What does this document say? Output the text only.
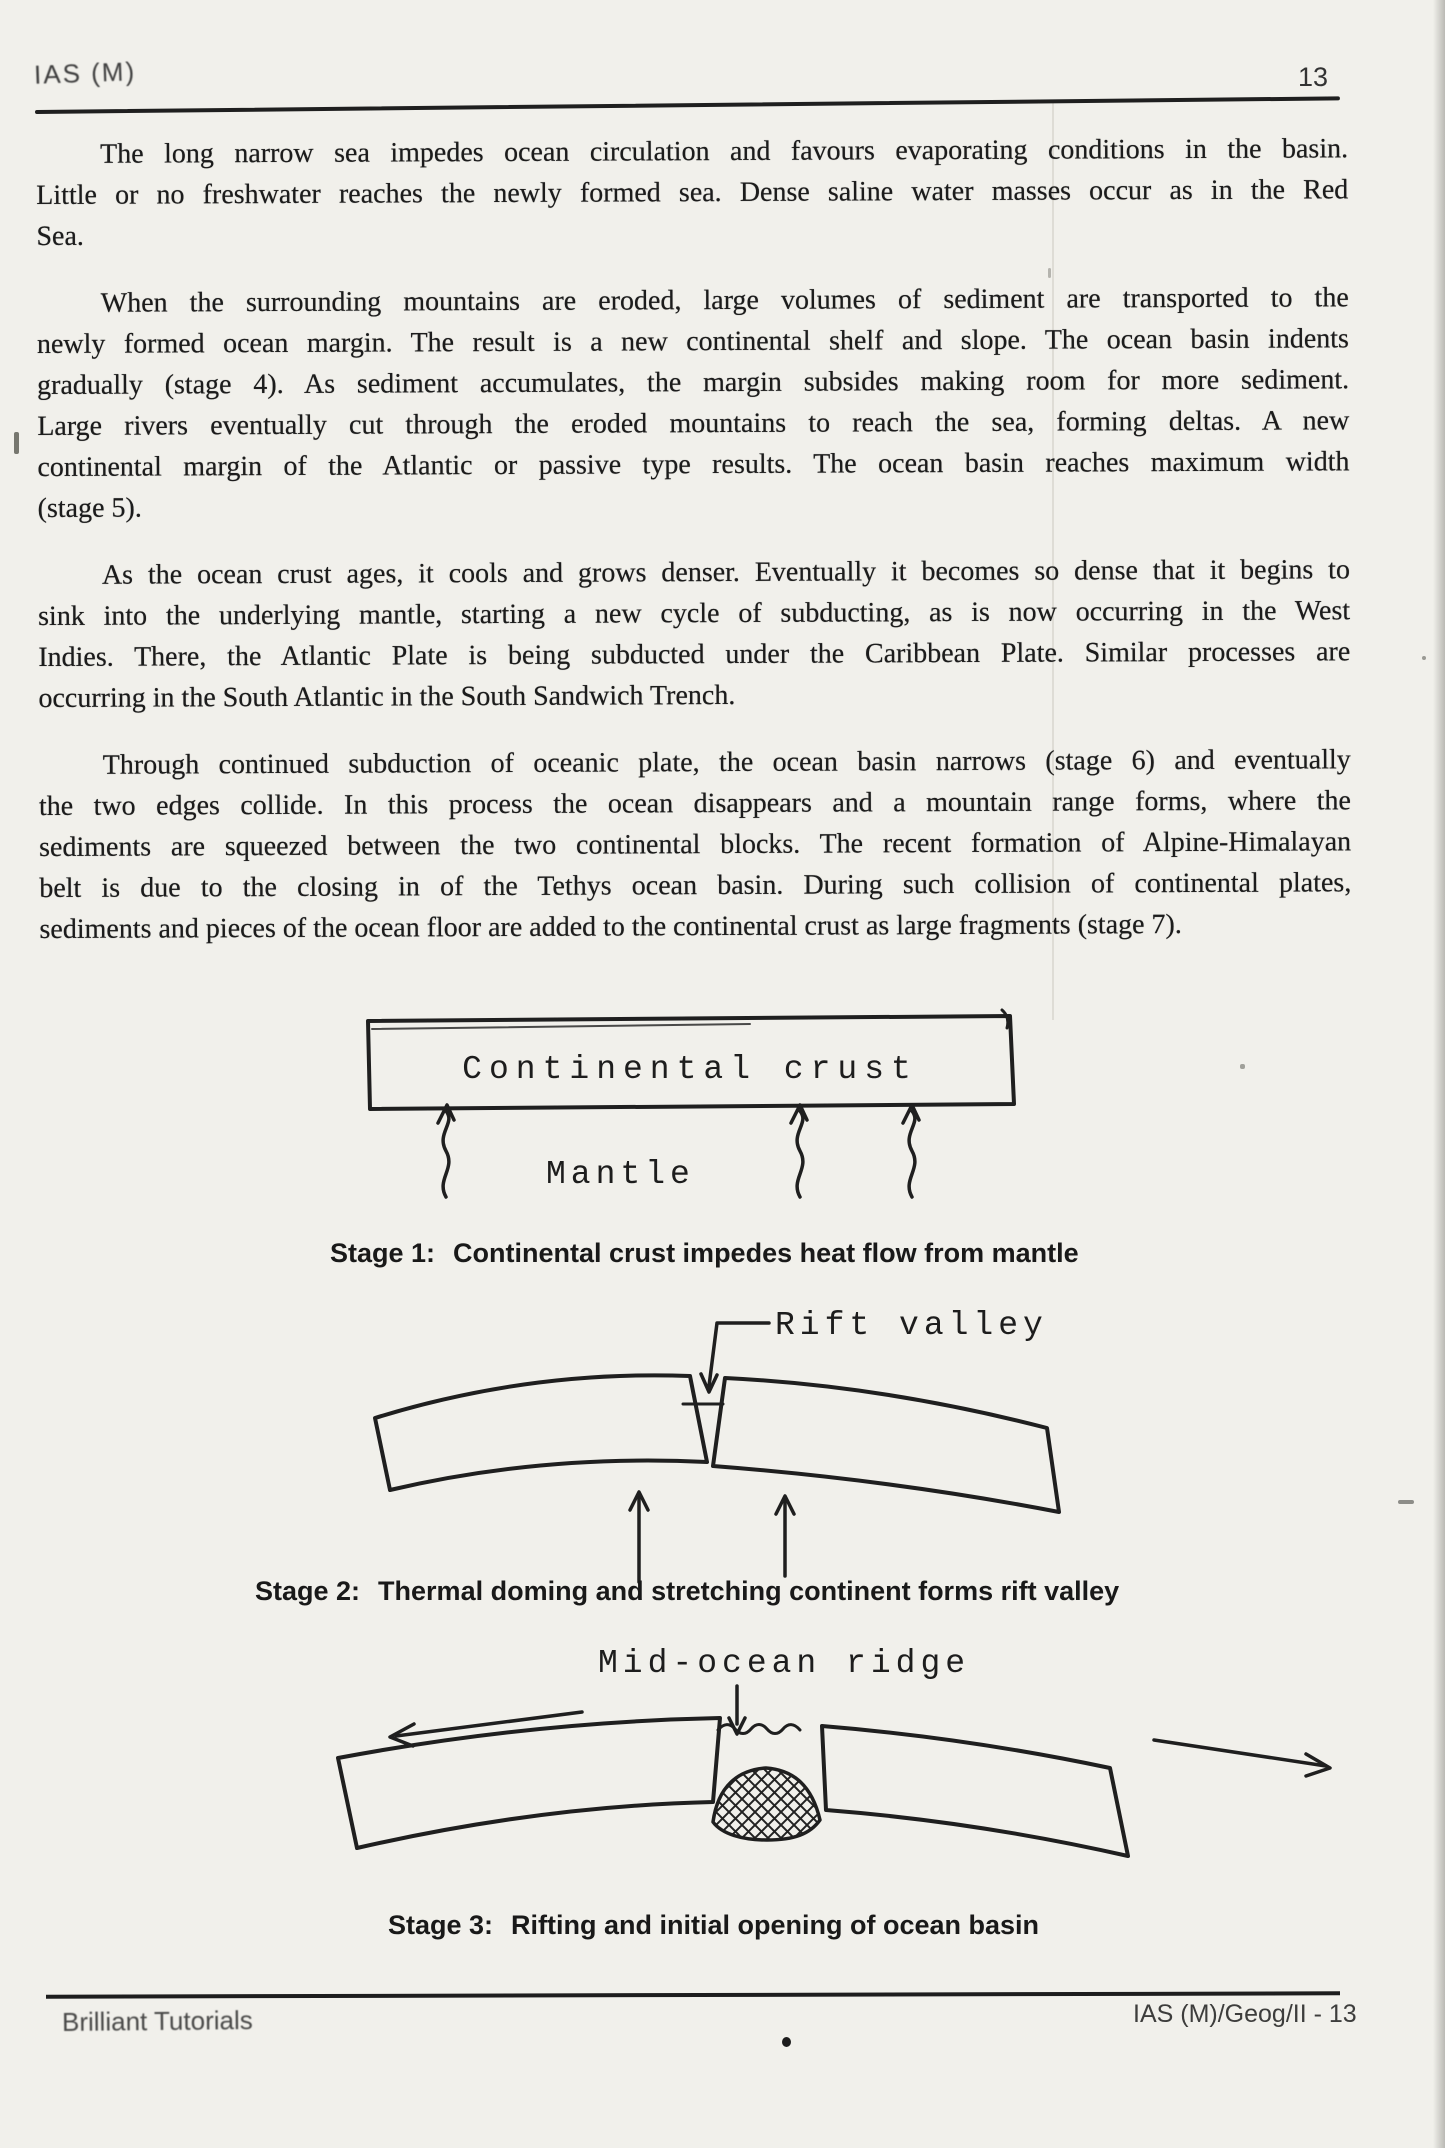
IAS (M)	13
The long narrow sea impedes ocean circulation and favours evaporating conditions in the basin.
Little or no freshwater reaches the newly formed sea. Dense saline water masses occur as in the Red
Sea.
When the surrounding mountains are eroded, large volumes of sediment are transported to the
newly formed ocean margin. The result is a new continental shelf and slope. The ocean basin indents
gradually (stage 4). As sediment accumulates, the margin subsides making room for more sediment.
Large rivers eventually cut through the eroded mountains to reach the sea, forming deltas. A new
continental margin of the Atlantic or passive type results. The ocean basin reaches maximum width
(stage 5).
As the ocean crust ages, it cools and grows denser. Eventually it becomes so dense that it begins to
sink into the underlying mantle, starting a new cycle of subducting, as is now occurring in the West
Indies. There, the Atlantic Plate is being subducted under the Caribbean Plate. Similar processes are
occurring in the South Atlantic in the South Sandwich Trench.
Through continued subduction of oceanic plate, the ocean basin narrows (stage 6) and eventually
the two edges collide. In this process the ocean disappears and a mountain range forms, where the
sediments are squeezed between the two continental blocks. The recent formation of Alpine-Himalayan
belt is due to the closing in of the Tethys ocean basin. During such collision of continental plates,
sediments and pieces of the ocean floor are added to the continental crust as large fragments (stage 7).
Continental crust
Mantle
Stage 1: Continental crust impedes heat flow from mantle
Rift valley
Stage 2: Thermal doming and stretching continent forms rift valley
Mid-ocean ridge
Stage 3: Rifting and initial opening of ocean basin
Brilliant Tutorials	IAS (M)/Geog/II - 13
